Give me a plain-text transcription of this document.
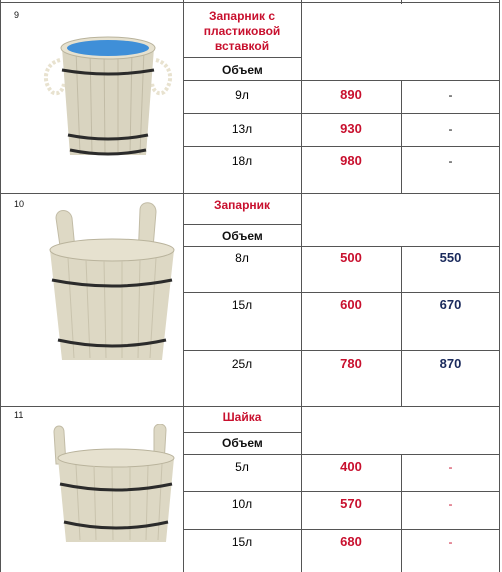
9	Запарник с пластиковой вставкой
Объем
9л	890	-
13л	930	-
18л	980	-
10	Запарник
Объем
8л	500	550
15л	600	670
25л	780	870
11	Шайка
Объем
5л	400	-
10л	570	-
15л	680	-
